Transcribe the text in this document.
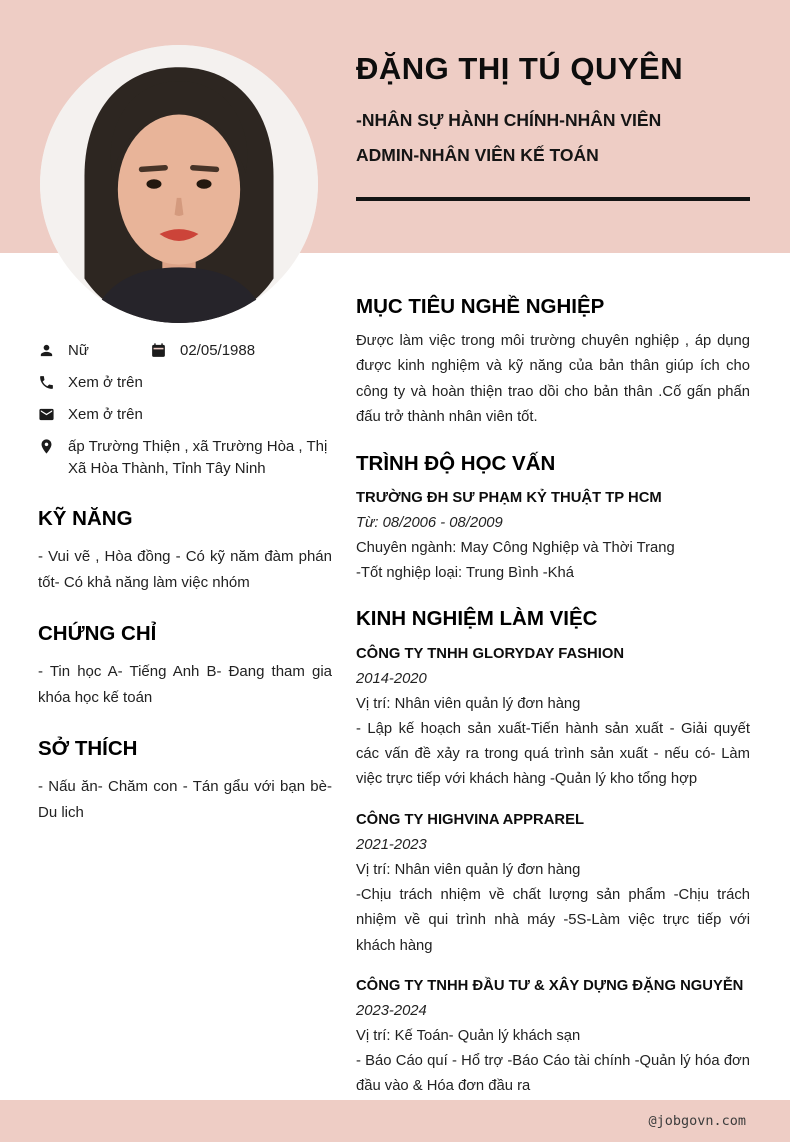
ĐẶNG THỊ TÚ QUYÊN
-NHÂN SỰ HÀNH CHÍNH-NHÂN VIÊN
ADMIN-NHÂN VIÊN KẾ TOÁN
Nữ	02/05/1988
Xem ở trên
Xem ở trên
ấp Trường Thiện , xã Trường Hòa , Thị Xã Hòa Thành, Tỉnh Tây Ninh
KỸ NĂNG
- Vui vẽ , Hòa đồng - Có kỹ năm đàm phán tốt- Có khả năng làm việc nhóm
CHỨNG CHỈ
- Tin học A- Tiếng Anh B- Đang tham gia khóa học kế toán
SỞ THÍCH
- Nấu ăn- Chăm con - Tán gẩu với bạn bè- Du lich
MỤC TIÊU NGHỀ NGHIỆP
Được làm việc trong môi trường chuyên nghiệp , áp dụng được kinh nghiệm và kỹ năng của bản thân giúp ích cho công ty và hoàn thiện trao dồi cho bản thân .Cố gấn phấn đấu trở thành nhân viên tốt.
TRÌNH ĐỘ HỌC VẤN
TRƯỜNG ĐH SƯ PHẠM KỶ THUẬT TP HCM
Từ: 08/2006 - 08/2009
Chuyên ngành: May Công Nghiệp và Thời Trang
-Tốt nghiệp loại: Trung Bình -Khá
KINH NGHIỆM LÀM VIỆC
CÔNG TY TNHH GLORYDAY FASHION
2014-2020
Vị trí: Nhân viên quản lý đơn hàng
- Lập kế hoạch sản xuất-Tiến hành sản xuất - Giải quyết các vấn đề xảy ra trong quá trình sản xuất - nếu có- Làm việc trực tiếp với khách hàng -Quản lý kho tổng hợp
CÔNG TY HIGHVINA APPRAREL
2021-2023
Vị trí: Nhân viên quản lý đơn hàng
-Chịu trách nhiệm về chất lượng sản phẩm -Chịu trách nhiệm về qui trình nhà máy -5S-Làm việc trực tiếp với khách hàng
CÔNG TY TNHH ĐẦU TƯ & XÂY DỰNG ĐẶNG NGUYỄN
2023-2024
Vị trí: Kế Toán- Quản lý khách sạn
- Báo Cáo quí - Hổ trợ -Báo Cáo tài chính -Quản lý hóa đơn đầu vào & Hóa đơn đầu ra
@jobgovn.com
